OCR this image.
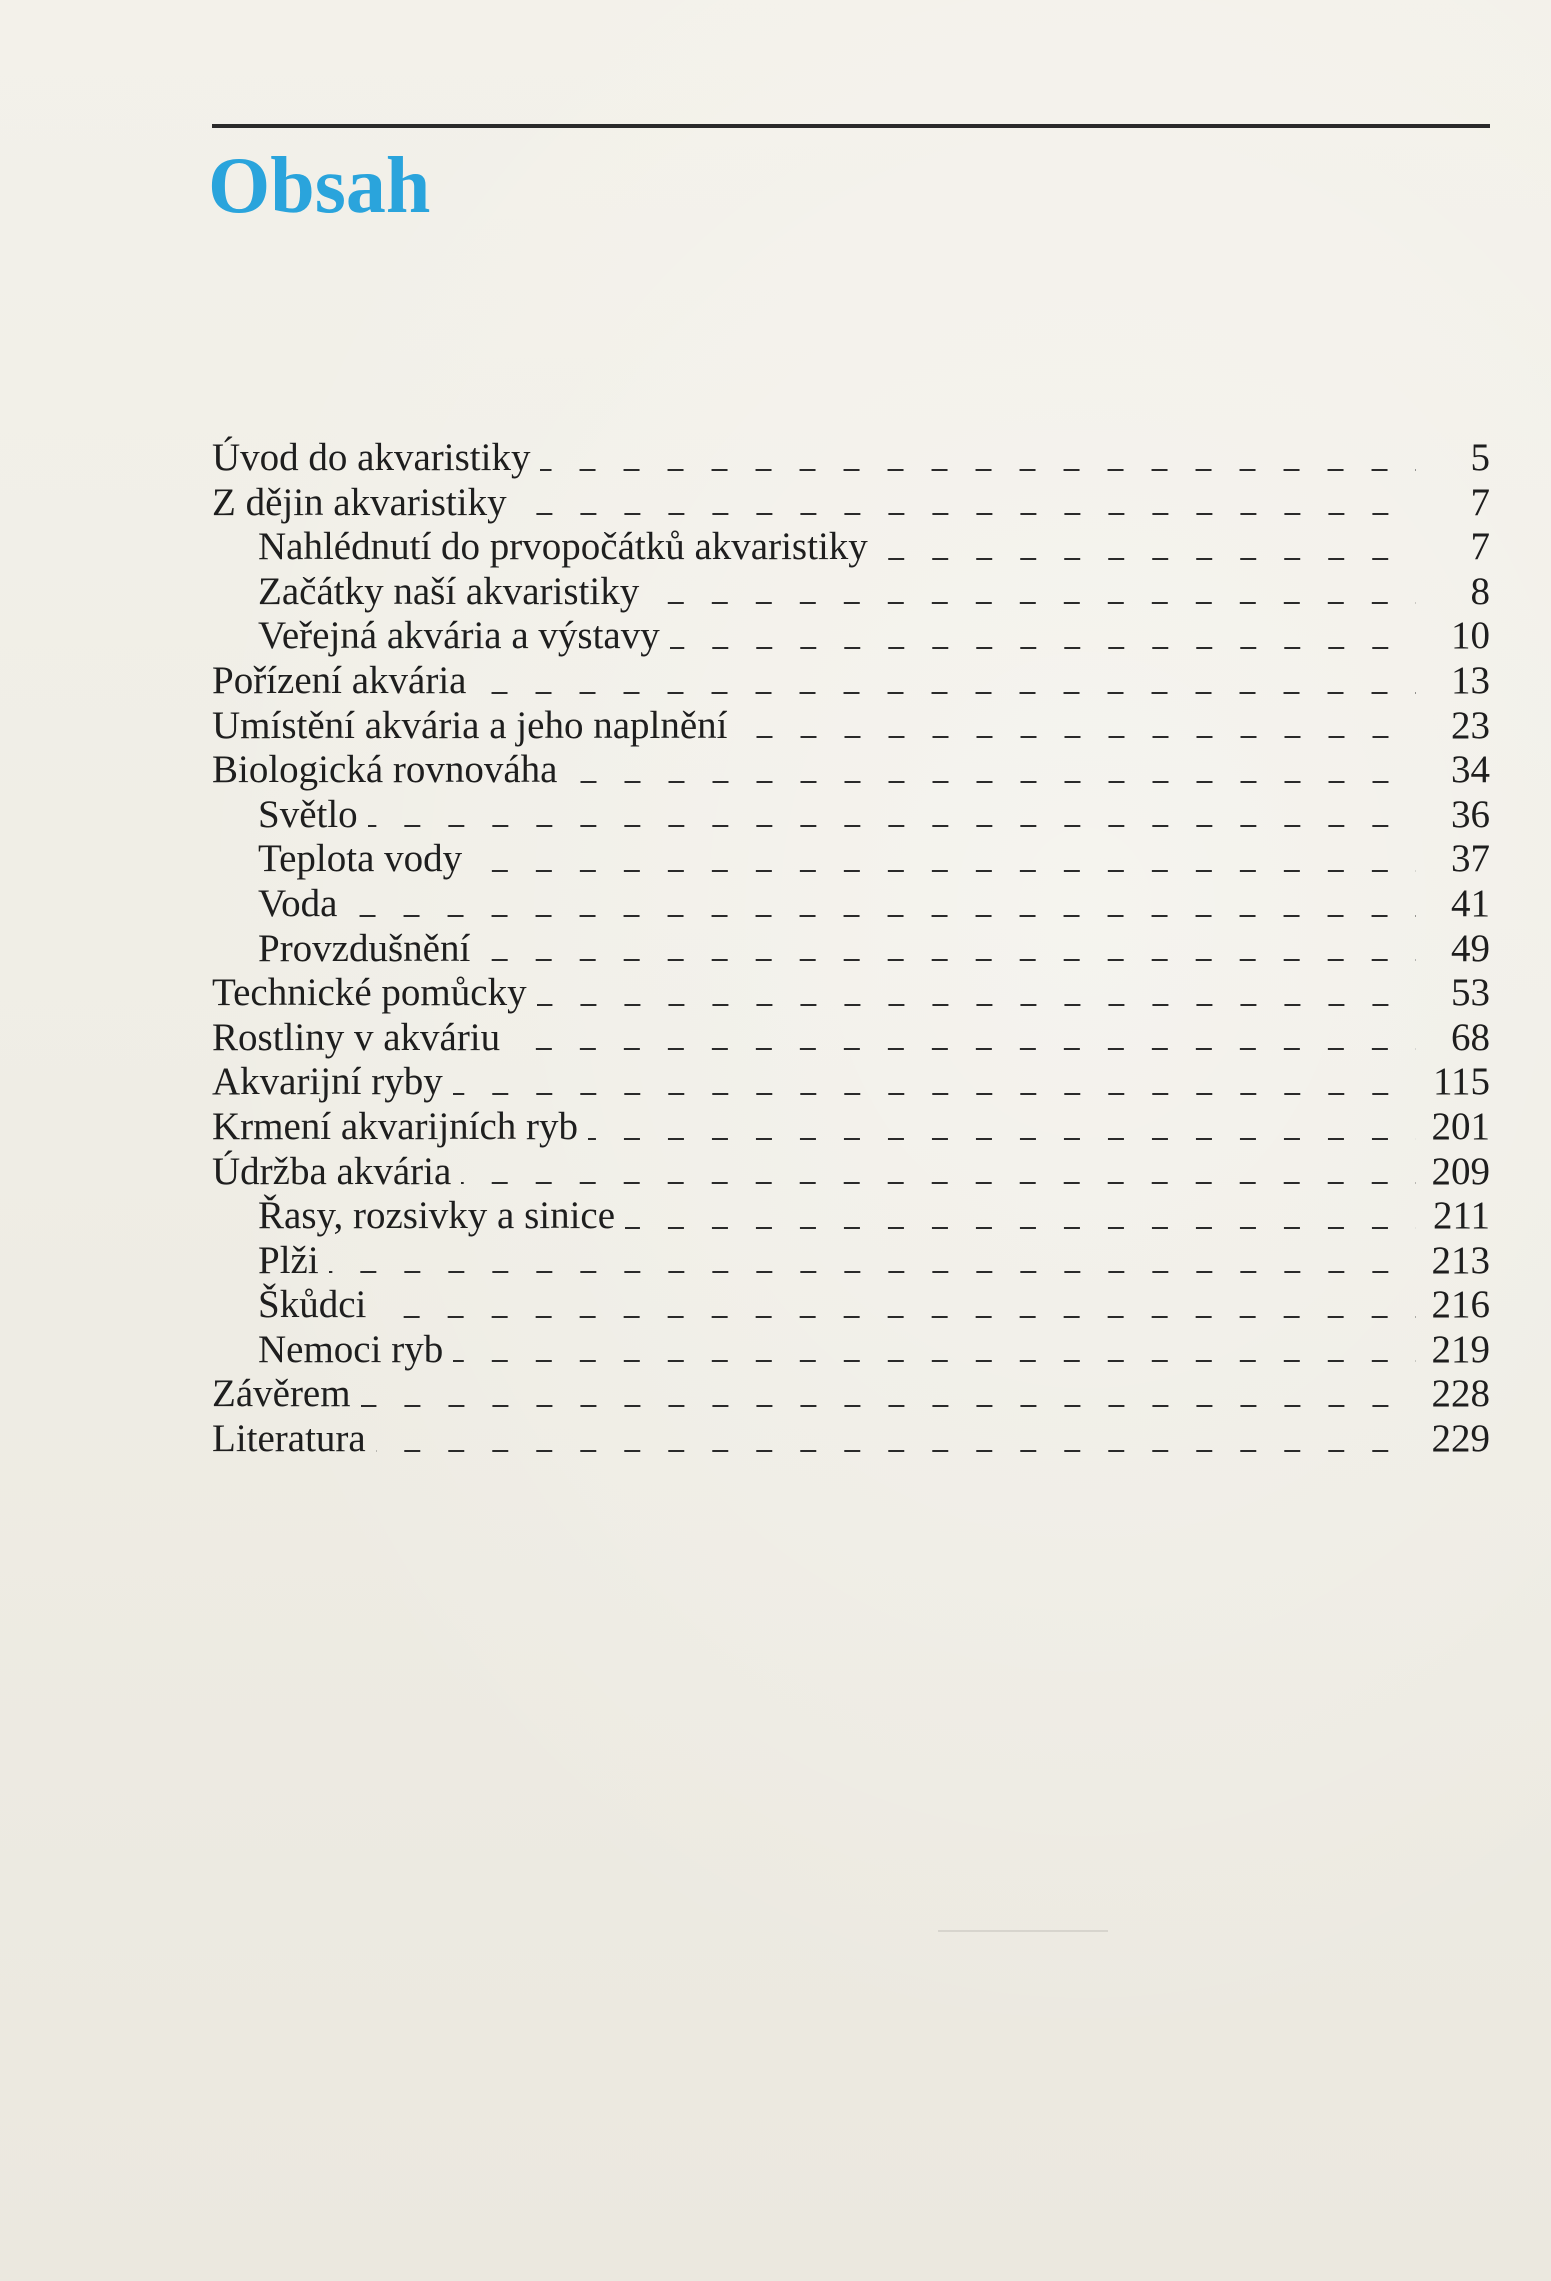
Obsah
Úvod do akvaristiky	5
Z dějin akvaristiky	7
Nahlédnutí do prvopočátků akvaristiky	7
Začátky naší akvaristiky	8
Veřejná akvária a výstavy	10
Pořízení akvária	13
Umístění akvária a jeho naplnění	23
Biologická rovnováha	34
Světlo	36
Teplota vody	37
Voda	41
Provzdušnění	49
Technické pomůcky	53
Rostliny v akváriu	68
Akvarijní ryby	115
Krmení akvarijních ryb	201
Údržba akvária	209
Řasy, rozsivky a sinice	211
Plži	213
Škůdci	216
Nemoci ryb	219
Závěrem	228
Literatura	229
